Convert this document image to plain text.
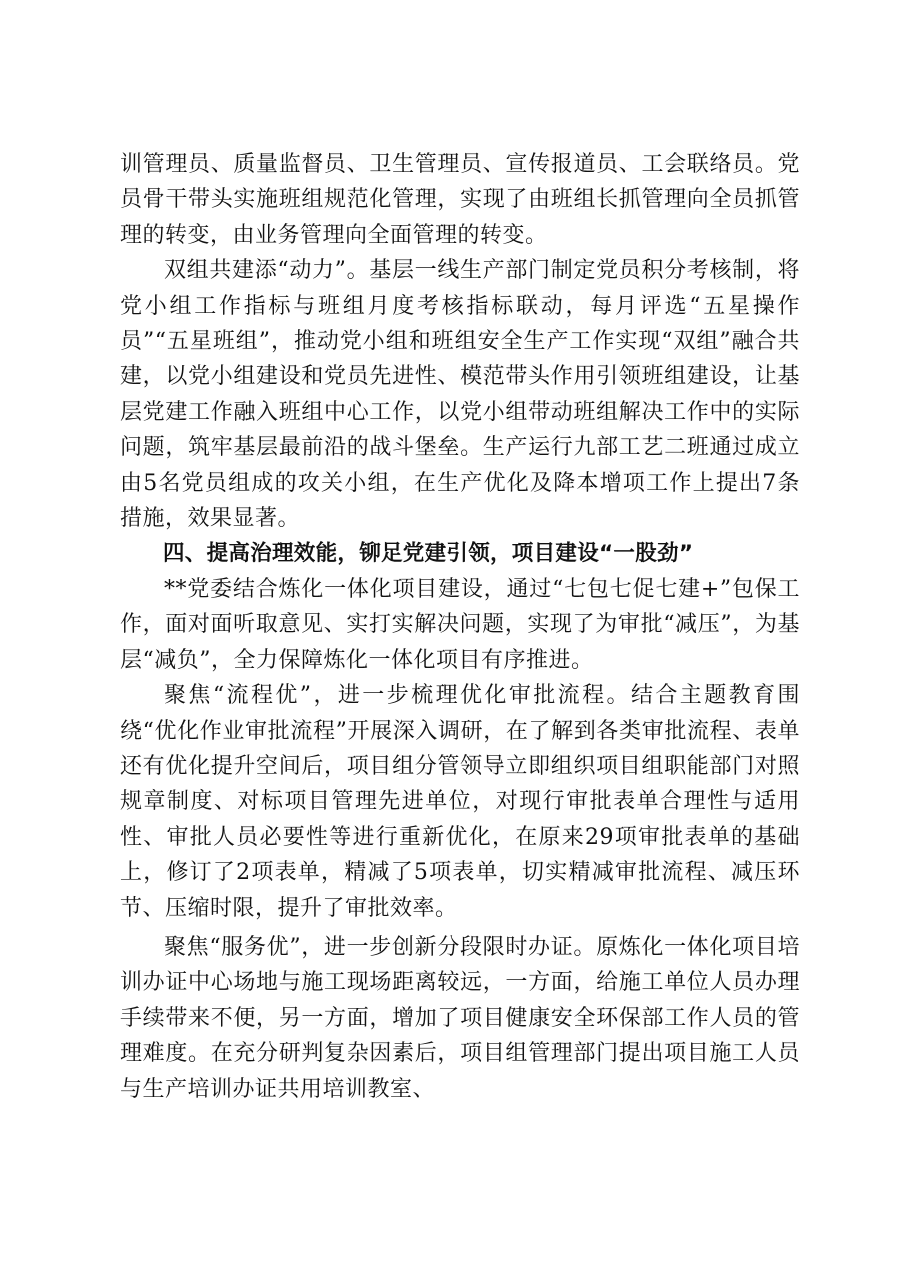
训管理员、质量监督员、卫生管理员、宣传报道员、工会联络员。党员骨干带头实施班组规范化管理，实现了由班组长抓管理向全员抓管理的转变，由业务管理向全面管理的转变。

双组共建添“动力”。基层一线生产部门制定党员积分考核制，将党小组工作指标与班组月度考核指标联动，每月评选“五星操作员”“五星班组”，推动党小组和班组安全生产工作实现“双组”融合共建，以党小组建设和党员先进性、模范带头作用引领班组建设，让基层党建工作融入班组中心工作，以党小组带动班组解决工作中的实际问题，筑牢基层最前沿的战斗堡垒。生产运行九部工艺二班通过成立由5名党员组成的攻关小组，在生产优化及降本增项工作上提出7条措施，效果显著。

四、提高治理效能，铆足党建引领，项目建设“一股劲”

**党委结合炼化一体化项目建设，通过“七包七促七建+”包保工作，面对面听取意见、实打实解决问题，实现了为审批“减压”，为基层“减负”，全力保障炼化一体化项目有序推进。

聚焦“流程优”，进一步梳理优化审批流程。结合主题教育围绕“优化作业审批流程”开展深入调研，在了解到各类审批流程、表单还有优化提升空间后，项目组分管领导立即组织项目组职能部门对照规章制度、对标项目管理先进单位，对现行审批表单合理性与适用性、审批人员必要性等进行重新优化，在原来29项审批表单的基础上，修订了2项表单，精减了5项表单，切实精减审批流程、减压环节、压缩时限，提升了审批效率。

聚焦“服务优”，进一步创新分段限时办证。原炼化一体化项目培训办证中心场地与施工现场距离较远，一方面，给施工单位人员办理手续带来不便，另一方面，增加了项目健康安全环保部工作人员的管理难度。在充分研判复杂因素后，项目组管理部门提出项目施工人员与生产培训办证共用培训教室、
